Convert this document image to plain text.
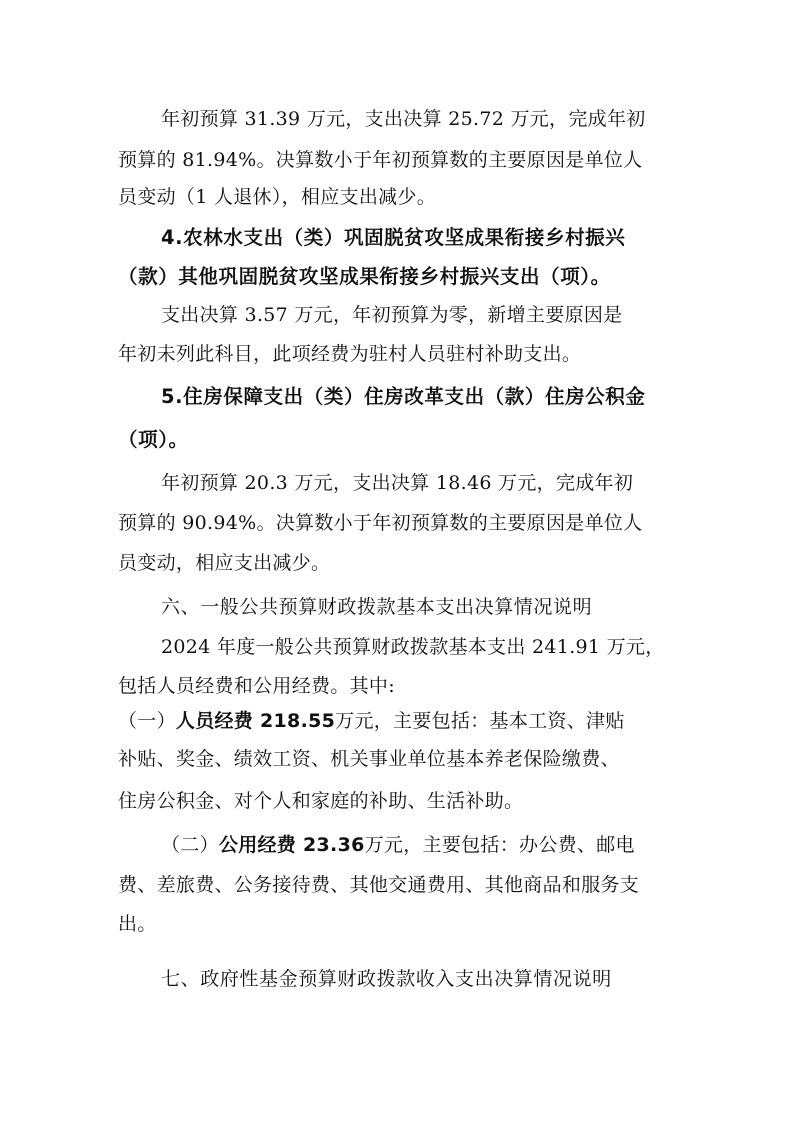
年初预算 31.39 万元，支出决算 25.72 万元，完成年初
预算的 81.94%。决算数小于年初预算数的主要原因是单位人
员变动（1 人退休），相应支出减少。
4.农林水支出（类）巩固脱贫攻坚成果衔接乡村振兴
（款）其他巩固脱贫攻坚成果衔接乡村振兴支出（项）。
支出决算 3.57 万元，年初预算为零，新增主要原因是
年初未列此科目，此项经费为驻村人员驻村补助支出。
5.住房保障支出（类）住房改革支出（款）住房公积金
（项）。
年初预算 20.3 万元，支出决算 18.46 万元，完成年初
预算的 90.94%。决算数小于年初预算数的主要原因是单位人
员变动，相应支出减少。
六、一般公共预算财政拨款基本支出决算情况说明
2024 年度一般公共预算财政拨款基本支出 241.91 万元，
包括人员经费和公用经费。其中:
（一）人员经费 218.55万元，主要包括：基本工资、津贴
补贴、奖金、绩效工资、机关事业单位基本养老保险缴费、
住房公积金、对个人和家庭的补助、生活补助。
（二）公用经费 23.36万元，主要包括：办公费、邮电
费、差旅费、公务接待费、其他交通费用、其他商品和服务支
出。
七、政府性基金预算财政拨款收入支出决算情况说明
